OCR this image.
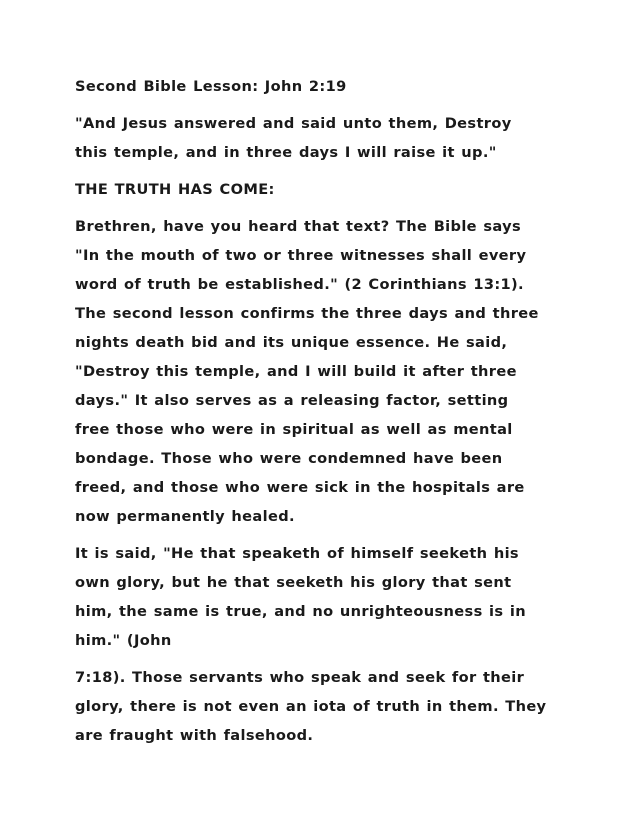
Second Bible Lesson: John 2:19

"And Jesus answered and said unto them, Destroy
this temple, and in three days I will raise it up."

THE TRUTH HAS COME:

Brethren, have you heard that text? The Bible says
"In the mouth of two or three witnesses shall every
word of truth be established." (2 Corinthians 13:1).
The second lesson confirms the three days and three
nights death bid and its unique essence. He said,
"Destroy this temple, and I will build it after three
days." It also serves as a releasing factor, setting
free those who were in spiritual as well as mental
bondage. Those who were condemned have been
freed, and those who were sick in the hospitals are
now permanently healed.

It is said, "He that speaketh of himself seeketh his
own glory, but he that seeketh his glory that sent
him, the same is true, and no unrighteousness is in
him." (John

7:18). Those servants who speak and seek for their
glory, there is not even an iota of truth in them. They
are fraught with falsehood.
